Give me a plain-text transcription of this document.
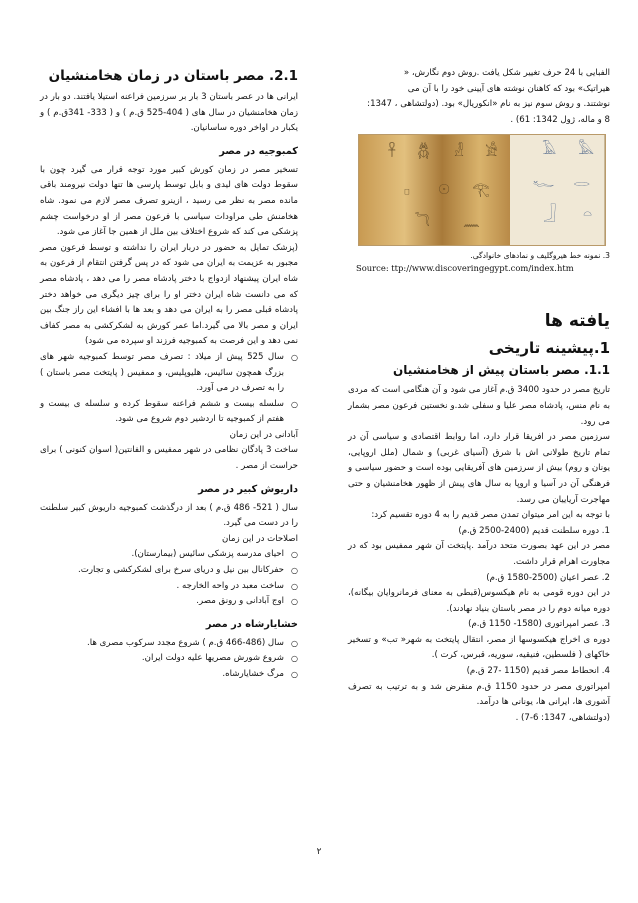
الفبایی با 24 حرف تغییر شکل یافت .روش دوم نگارش، «

هیراتیک» بود که کاهنان نوشته های آیینی خود را با آن می

نوشتند. و روش سوم نیز به نام «انکوریال» بود. (دولتشاهی ، 1347:

8 و ماله، ژول 1342: 61) .

𓅓
𓄿
𓂋
𓆑
𓏏
𓃀
𓀀
𓁐
𓆣
𓋹
𓂀
𓇳
𓊪
𓈖
𓆓

3. نمونه خط هیروگلیف و نمادهای خانوادگی.

Source: ttp://www.discoveringegypt.com/index.htm

یافته ها

1.پیشینه تاریخی

1.1. مصر باستان پیش از هخامنشیان

تاریخ مصر در حدود 3400 ق.م آغاز می شود و آن هنگامی است که مردی به نام منس، پادشاه مصر علیا و سفلی شد.و نخستین فرعون مصر بشمار می رود.

سرزمین مصر در افریقا قرار دارد، اما روابط اقتصادی و سیاسی آن در تمام تاریخ طولانی اش با شرق (آسیای غربی) و شمال (ملل اروپایی، یونان و روم) بیش از سرزمین های آفریقایی بوده است و حضور سیاسی و فرهنگی آن در آسیا و اروپا به سال های پیش از ظهور هخامنشیان و حتی مهاجرت آریاییان می رسد.

با توجه به این امر میتوان تمدن مصر قدیم را به 4 دوره تقسیم کرد:

1. دوره سلطنت قدیم (2400-2500 ق.م)

مصر در این عهد بصورت متحد درآمد .پایتخت آن شهر ممفیس بود که در مجاورت اهرام قرار داشت.

2. عصر اعیان (2500-1580 ق.م)

در این دوره قومی به نام هیکسوس(قبطی به معنای فرمانروایان بیگانه)، دوره میانه دوم را در مصر باستان بنیاد نهادند).

3. عصر امپراتوری (1580- 1150 ق.م)

دوره ی اخراج هیکسوسها از مصر، انتقال پایتخت به شهر« تب» و تسخیر خاکهای ( فلسطین، فنیقیه، سوریه، قبرس، کرت ).

4. انحطاط مصر قدیم (1150 -27 ق.م)

امپراتوری مصر در حدود 1150 ق.م منقرض شد و به ترتیب به تصرف آشوری ها، ایرانی ها، یونانی ها درآمد.

(دولتشاهی، 1347: 6-7) .

2.1. مصر باستان در زمان هخامنشیان

ایرانی ها در عصر باستان 3 بار بر سرزمین فراعنه استیلا یافتند. دو بار در زمان هخامنشیان در سال های ( 404-525 ق.م ) و ( 333- 341ق.م ) و یکبار در اواخر دوره ساسانیان.

کمبوجیه در مصر

تسخیر مصر در زمان کورش کبیر مورد توجه قرار می گیرد چون با سقوط دولت های لیدی و بابل توسط پارسی ها تنها دولت نیرومند باقی مانده مصر به نظر می رسید ، ازینرو تصرف مصر لازم می نمود. شاه هخامنش طی مراودات سیاسی با فرعون مصر از او درخواست چشم پزشکی می کند که شروع اختلاف بین ملل از همین جا آغاز می شود.

(پزشک تمایل به حضور در دربار ایران را نداشته و توسط فرعون مصر مجبور به عزیمت به ایران می شود که در پس گرفتن انتقام از فرعون به شاه ایران پیشنهاد ازدواج با دختر پادشاه مصر را می دهد ، پادشاه مصر که می دانست شاه ایران دختر او را برای چیز دیگری می خواهد دختر پادشاه قبلی مصر را به ایران می دهد و بعد ها با افشاء این راز جنگ بین ایران و مصر بالا می گیرد.اما عمر کورش به لشکرکشی به مصر کفاف نمی دهد و این فرصت به کمبوجیه فرزند او سپرده می شود)

○ سال 525 پیش از میلاد : تصرف مصر توسط کمبوجیه شهر های بزرگ همچون سائیس، هلیوپلیس، و ممفیس ( پایتخت مصر باستان ) را به تصرف در می آورد.

○ سلسله بیست و ششم فراعنه سقوط کرده و سلسله ی بیست و هفتم از کمبوجیه تا اردشیر دوم شروع می شود.

آبادانی در این زمان

ساخت 3 پادگان نظامی در شهر ممفیس و الفانتین( اسوان کنونی ) برای حراست از مصر .

داریوش کبیر در مصر

سال ( 521- 486 ق.م ) بعد از درگذشت کمبوجیه داریوش کبیر سلطنت را در دست می گیرد.

اصلاحات در این زمان

○ احیای مدرسه پزشکی سائیس (بیمارستان).

○ حفرکانال بین نیل و دریای سرخ برای لشکرکشی و تجارت.

○ ساخت معبد در واحه الخارجه .

○ اوج آبادانی و رونق مصر.

خشایارشاه در مصر

○ سال (486-466 ق.م ) شروع مجدد سرکوب مصری ها.

○ شروع شورش مصریها علیه دولت ایران.

○ مرگ خشایارشاه.

۲
